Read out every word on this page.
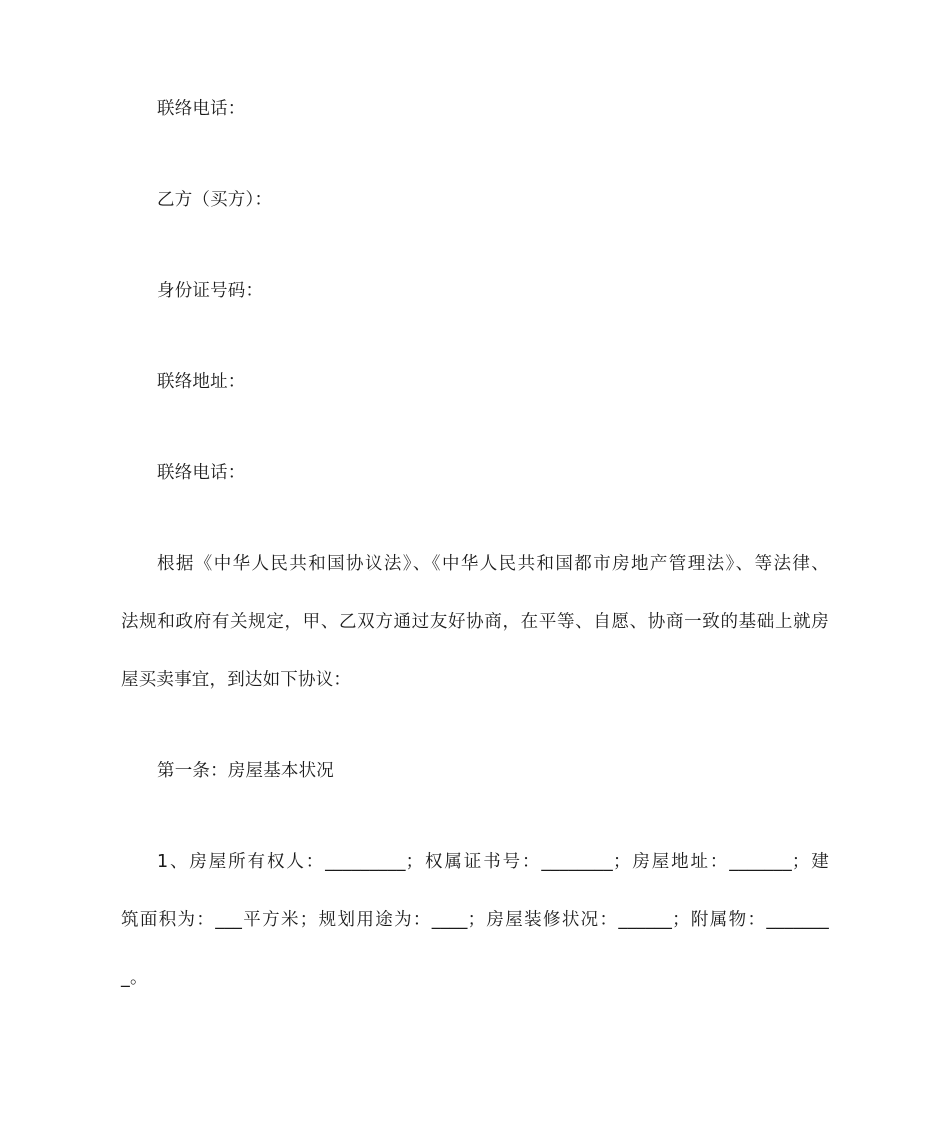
联络电话：
乙方（买方）：
身份证号码：
联络地址：
联络电话：
根据《中华人民共和国协议法》、《中华人民共和国都市房地产管理法》、等法律、
法规和政府有关规定，甲、乙双方通过友好协商，在平等、自愿、协商一致的基础上就房
屋买卖事宜，到达如下协议：
第一条：房屋基本状况
1、房屋所有权人：_________；权属证书号：________；房屋地址：_______；建
筑面积为：___平方米；规划用途为：____；房屋装修状况：______；附属物：_______
_。
